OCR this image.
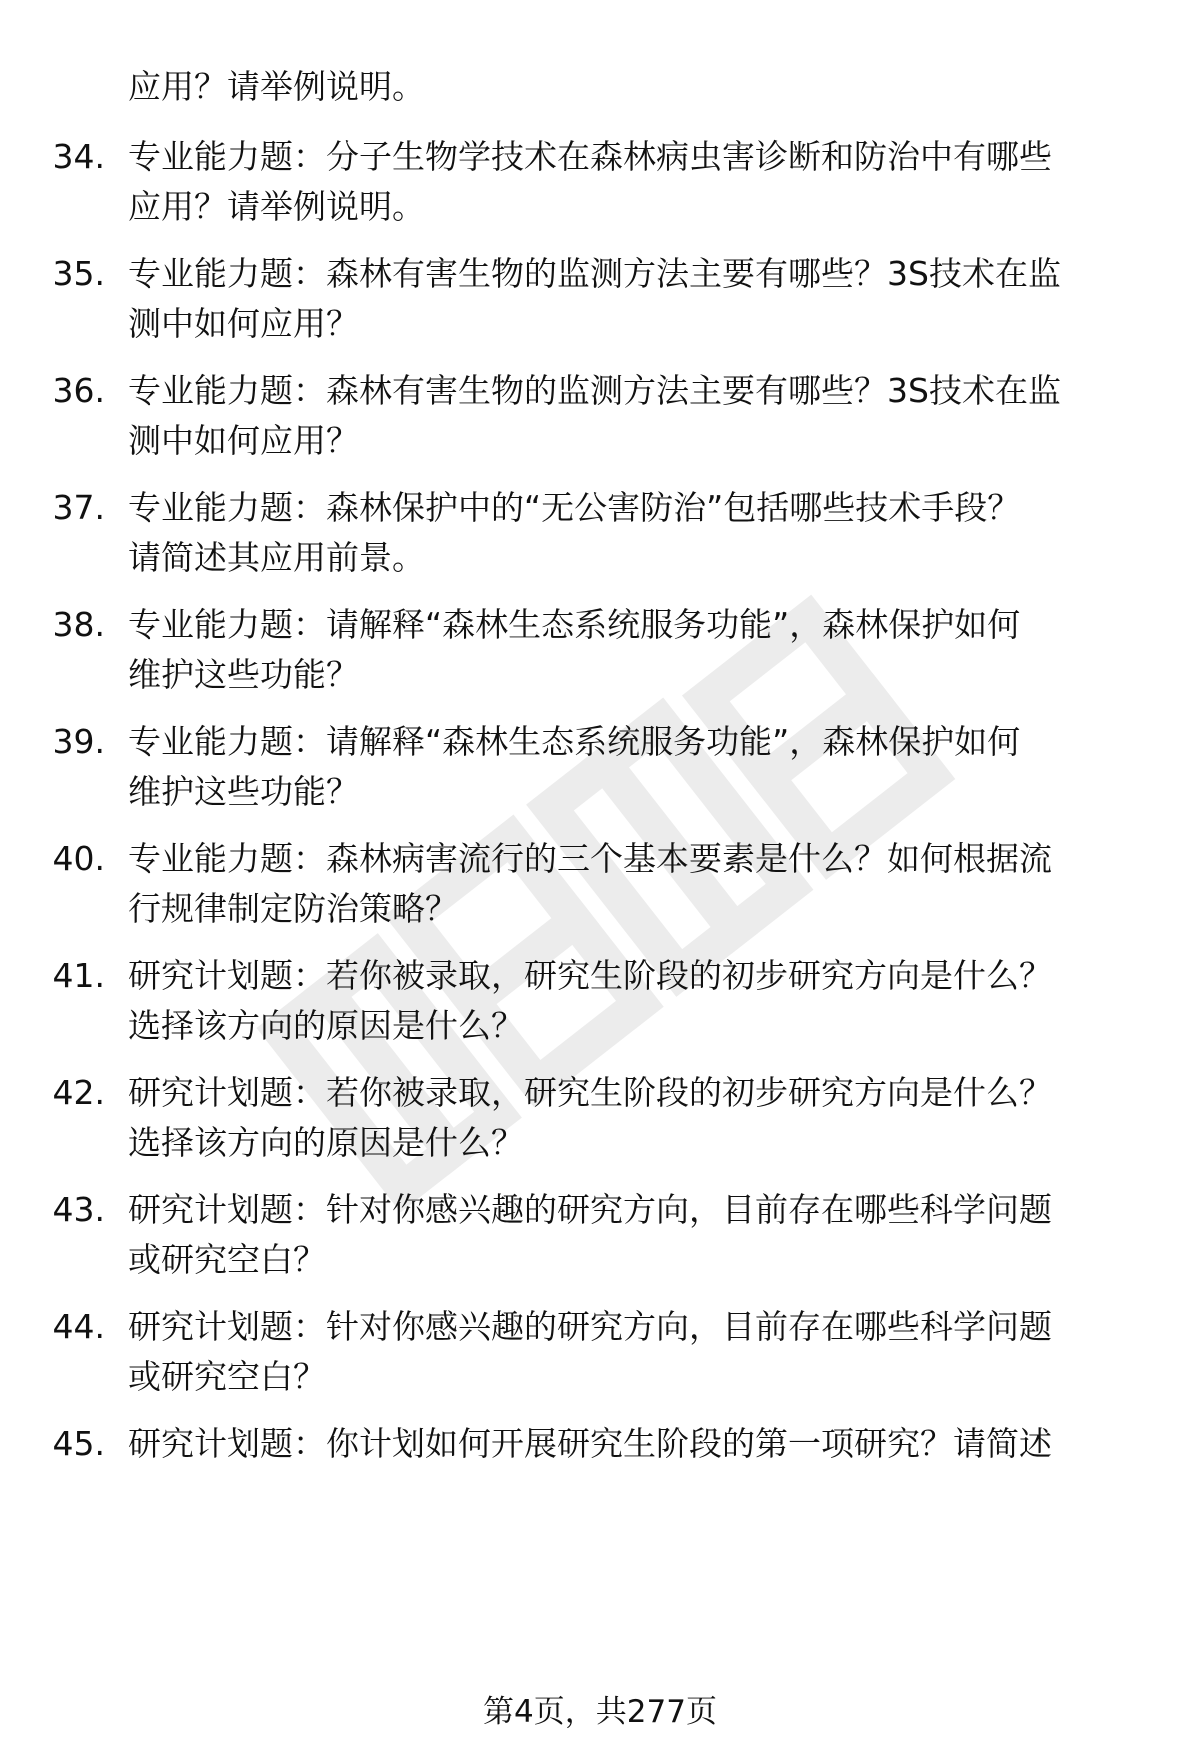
应用？请举例说明。
34. 专业能力题：分子生物学技术在森林病虫害诊断和防治中有哪些
应用？请举例说明。
35. 专业能力题：森林有害生物的监测方法主要有哪些？3S技术在监
测中如何应用？
36. 专业能力题：森林有害生物的监测方法主要有哪些？3S技术在监
测中如何应用？
37. 专业能力题：森林保护中的“无公害防治”包括哪些技术手段？
请简述其应用前景。
38. 专业能力题：请解释“森林生态系统服务功能”，森林保护如何
维护这些功能？
39. 专业能力题：请解释“森林生态系统服务功能”，森林保护如何
维护这些功能？
40. 专业能力题：森林病害流行的三个基本要素是什么？如何根据流
行规律制定防治策略？
41. 研究计划题：若你被录取，研究生阶段的初步研究方向是什么？
选择该方向的原因是什么？
42. 研究计划题：若你被录取，研究生阶段的初步研究方向是什么？
选择该方向的原因是什么？
43. 研究计划题：针对你感兴趣的研究方向，目前存在哪些科学问题
或研究空白？
44. 研究计划题：针对你感兴趣的研究方向，目前存在哪些科学问题
或研究空白？
45. 研究计划题：你计划如何开展研究生阶段的第一项研究？请简述
第4页，共277页
